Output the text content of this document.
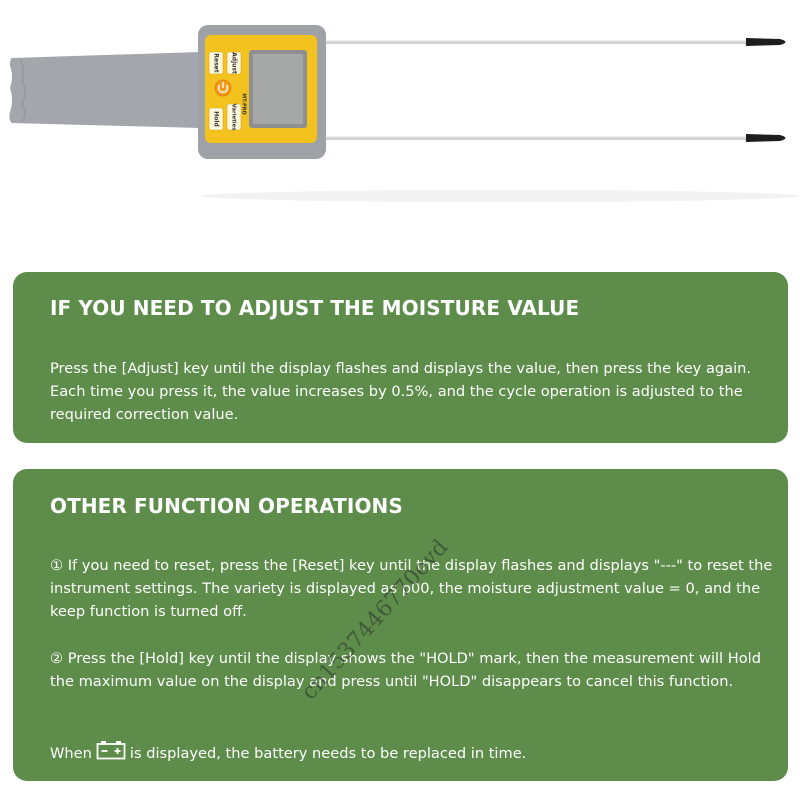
Adjust
Reset
Varieties
Hold
MT-PRO
IF YOU NEED TO ADJUST THE MOISTURE VALUE

Press the [Adjust] key until the display flashes and displays the value, then press the key again. Each time you press it, the value increases by 0.5%, and the cycle operation is adjusted to the required correction value.

OTHER FUNCTION OPERATIONS

① If you need to reset, press the [Reset] key until the display flashes and displays "---" to reset the instrument settings. The variety is displayed as p00, the moisture adjustment value = 0, and the keep function is turned off.

② Press the [Hold] key until the display shows the "HOLD" mark, then the measurement will Hold the maximum value on the display and press until "HOLD" disappears to cancel this function.

When	is displayed, the battery needs to be replaced in time.

cn1537446770evd
